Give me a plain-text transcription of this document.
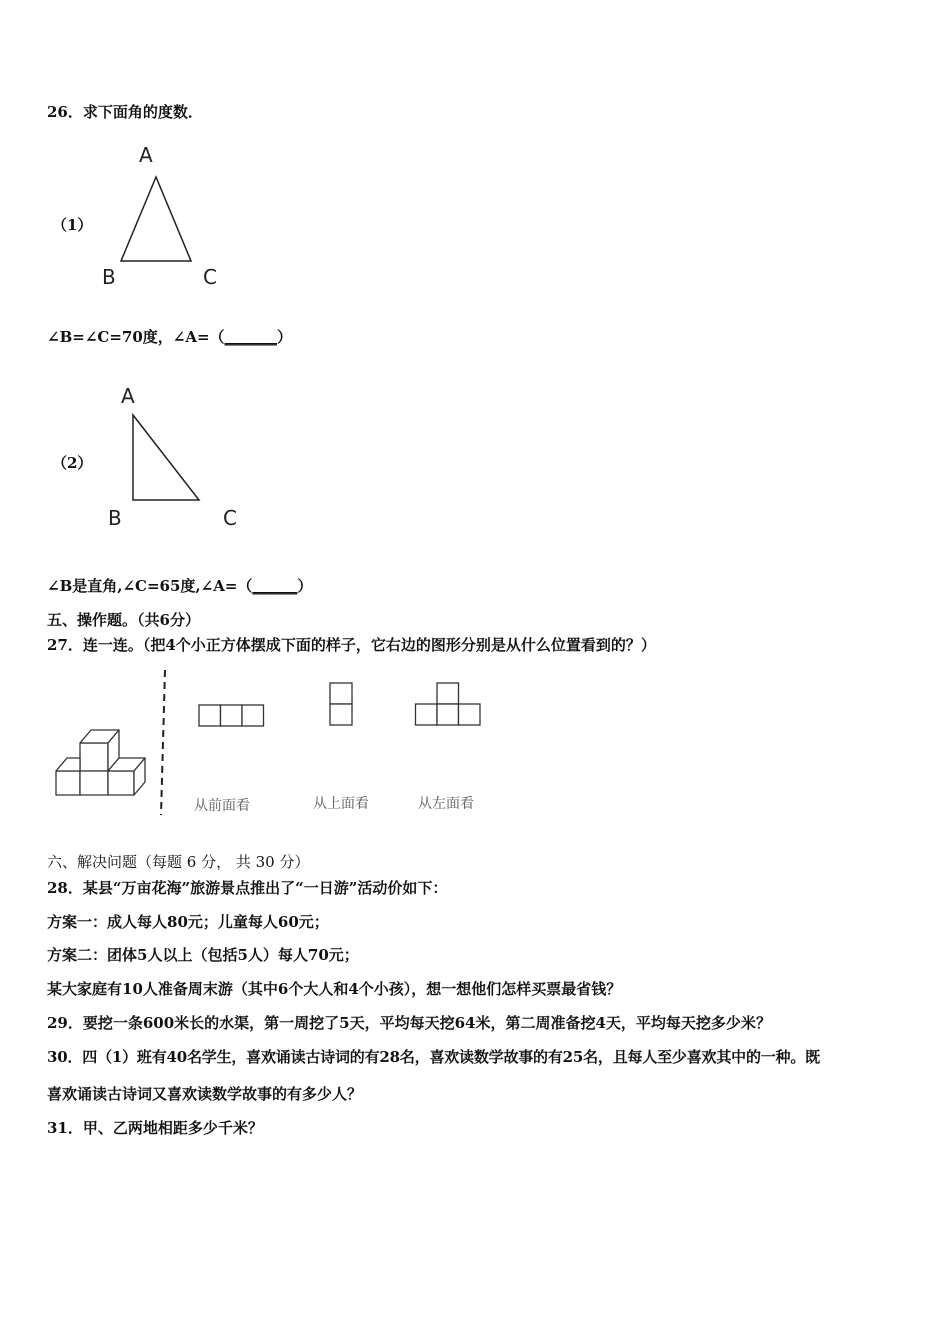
26．求下面角的度数．
（1）
A
B	C
∠B=∠C=70度，∠A=（_______）
（2）
A
B	C
∠B是直角,∠C=65度,∠A=（______）
五、操作题。（共6分）
27．连一连。（把4个小正方体摆成下面的样子，它右边的图形分别是从什么位置看到的？）
从前面看	从上面看	从左面看
六、解决问题（每题 6 分， 共 30 分）
28．某县“万亩花海”旅游景点推出了“一日游”活动价如下：
方案一：成人每人80元；儿童每人60元；
方案二：团体5人以上（包括5人）每人70元；
某大家庭有10人准备周末游（其中6个大人和4个小孩），想一想他们怎样买票最省钱？
29．要挖一条600米长的水渠，第一周挖了5天，平均每天挖64米，第二周准备挖4天，平均每天挖多少米？
30．四（1）班有40名学生，喜欢诵读古诗词的有28名，喜欢读数学故事的有25名，且每人至少喜欢其中的一种。既
喜欢诵读古诗词又喜欢读数学故事的有多少人？
31．甲、乙两地相距多少千米？
